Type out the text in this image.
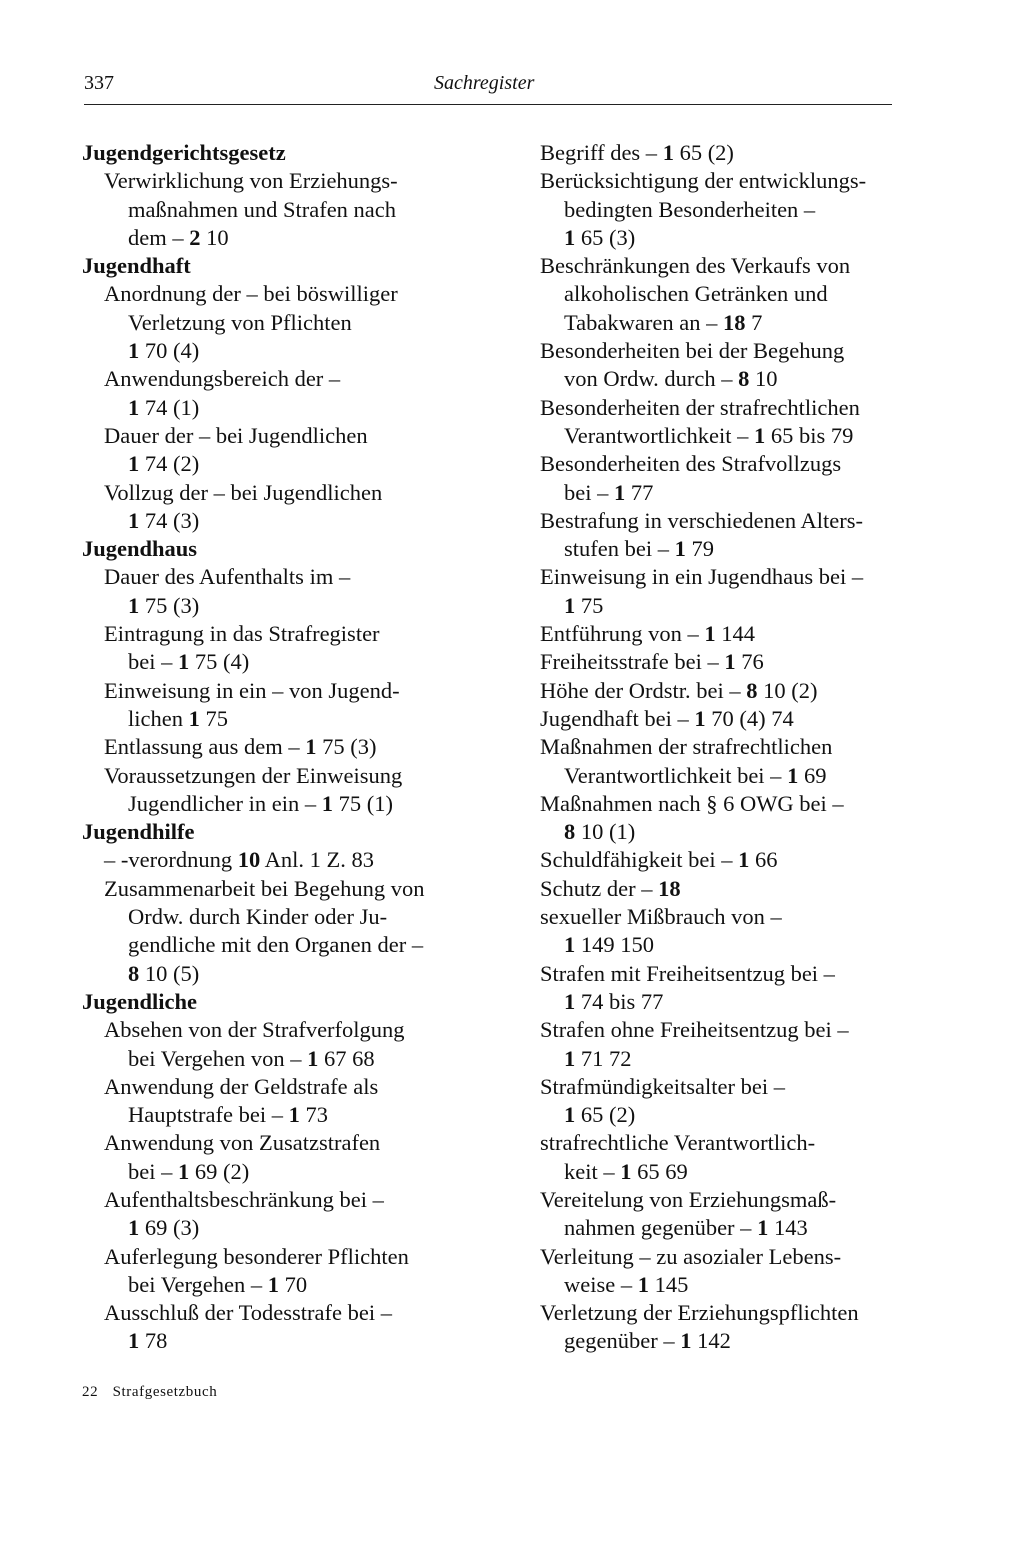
337	Sachregister
Jugendgerichtsgesetz
Verwirklichung von Erziehungs-
maßnahmen und Strafen nach
dem – 2 10
Jugendhaft
Anordnung der – bei böswilliger
Verletzung von Pflichten
1 70 (4)
Anwendungsbereich der –
1 74 (1)
Dauer der – bei Jugendlichen
1 74 (2)
Vollzug der – bei Jugendlichen
1 74 (3)
Jugendhaus
Dauer des Aufenthalts im –
1 75 (3)
Eintragung in das Strafregister
bei – 1 75 (4)
Einweisung in ein – von Jugend-
lichen 1 75
Entlassung aus dem – 1 75 (3)
Voraussetzungen der Einweisung
Jugendlicher in ein – 1 75 (1)
Jugendhilfe
– -verordnung 10 Anl. 1 Z. 83
Zusammenarbeit bei Begehung von
Ordw. durch Kinder oder Ju-
gendliche mit den Organen der –
8 10 (5)
Jugendliche
Absehen von der Strafverfolgung
bei Vergehen von – 1 67 68
Anwendung der Geldstrafe als
Hauptstrafe bei – 1 73
Anwendung von Zusatzstrafen
bei – 1 69 (2)
Aufenthaltsbeschränkung bei –
1 69 (3)
Auferlegung besonderer Pflichten
bei Vergehen – 1 70
Ausschluß der Todesstrafe bei –
1 78
Begriff des – 1 65 (2)
Berücksichtigung der entwicklungs-
bedingten Besonderheiten –
1 65 (3)
Beschränkungen des Verkaufs von
alkoholischen Getränken und
Tabakwaren an – 18 7
Besonderheiten bei der Begehung
von Ordw. durch – 8 10
Besonderheiten der strafrechtlichen
Verantwortlichkeit – 1 65 bis 79
Besonderheiten des Strafvollzugs
bei – 1 77
Bestrafung in verschiedenen Alters-
stufen bei – 1 79
Einweisung in ein Jugendhaus bei –
1 75
Entführung von – 1 144
Freiheitsstrafe bei – 1 76
Höhe der Ordstr. bei – 8 10 (2)
Jugendhaft bei – 1 70 (4) 74
Maßnahmen der strafrechtlichen
Verantwortlichkeit bei – 1 69
Maßnahmen nach § 6 OWG bei –
8 10 (1)
Schuldfähigkeit bei – 1 66
Schutz der – 18
sexueller Mißbrauch von –
1 149 150
Strafen mit Freiheitsentzug bei –
1 74 bis 77
Strafen ohne Freiheitsentzug bei –
1 71 72
Strafmündigkeitsalter bei –
1 65 (2)
strafrechtliche Verantwortlich-
keit – 1 65 69
Vereitelung von Erziehungsmaß-
nahmen gegenüber – 1 143
Verleitung – zu asozialer Lebens-
weise – 1 145
Verletzung der Erziehungspflichten
gegenüber – 1 142
22 Strafgesetzbuch
